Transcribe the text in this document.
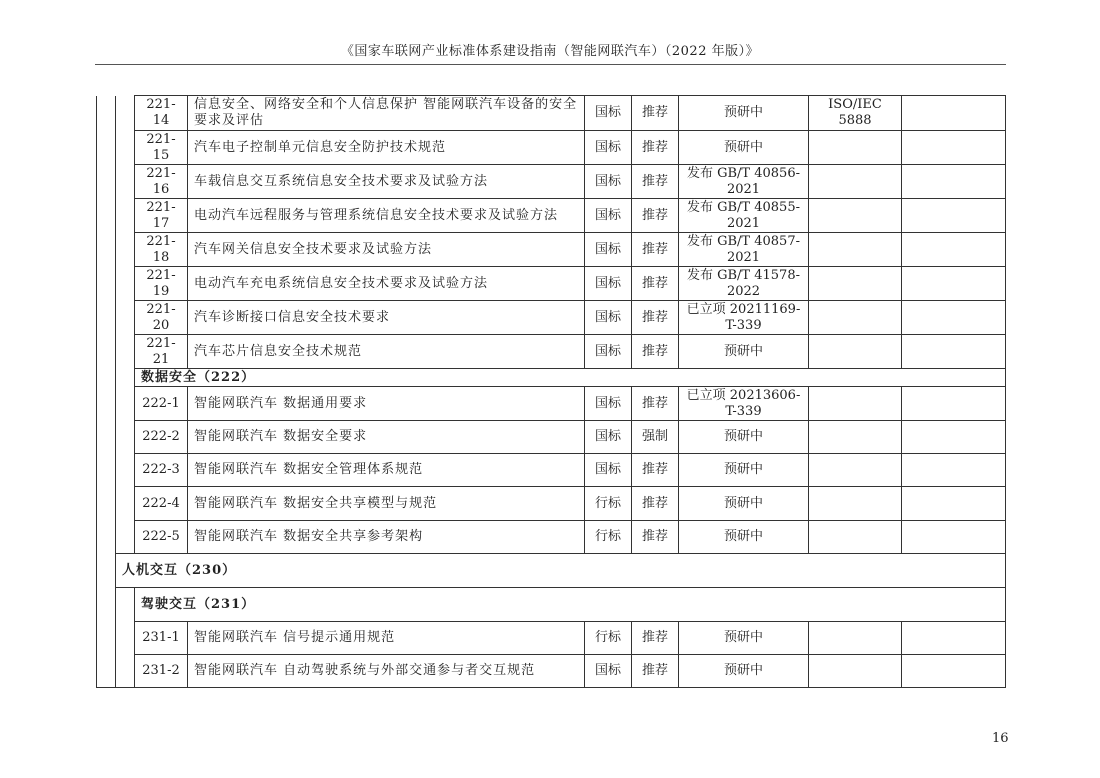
《国家车联网产业标准体系建设指南（智能网联汽车）（2022 年版）》
		221-14	信息安全、网络安全和个人信息保护 智能网联汽车设备的安全要求及评估	国标	推荐	预研中	ISO/IEC 5888	
		221-15	汽车电子控制单元信息安全防护技术规范	国标	推荐	预研中		
		221-16	车载信息交互系统信息安全技术要求及试验方法	国标	推荐	发布 GB/T 40856-2021		
		221-17	电动汽车远程服务与管理系统信息安全技术要求及试验方法	国标	推荐	发布 GB/T 40855-2021		
		221-18	汽车网关信息安全技术要求及试验方法	国标	推荐	发布 GB/T 40857-2021		
		221-19	电动汽车充电系统信息安全技术要求及试验方法	国标	推荐	发布 GB/T 41578-2022		
		221-20	汽车诊断接口信息安全技术要求	国标	推荐	已立项 20211169-T-339		
		221-21	汽车芯片信息安全技术规范	国标	推荐	预研中		
		数据安全（222）						
		222-1	智能网联汽车 数据通用要求	国标	推荐	已立项 20213606-T-339		
		222-2	智能网联汽车 数据安全要求	国标	强制	预研中		
		222-3	智能网联汽车 数据安全管理体系规范	国标	推荐	预研中		
		222-4	智能网联汽车 数据安全共享模型与规范	行标	推荐	预研中		
		222-5	智能网联汽车 数据安全共享参考架构	行标	推荐	预研中		
	人机交互（230）							
		驾驶交互（231）						
		231-1	智能网联汽车 信号提示通用规范	行标	推荐	预研中		
		231-2	智能网联汽车 自动驾驶系统与外部交通参与者交互规范	国标	推荐	预研中		
16
